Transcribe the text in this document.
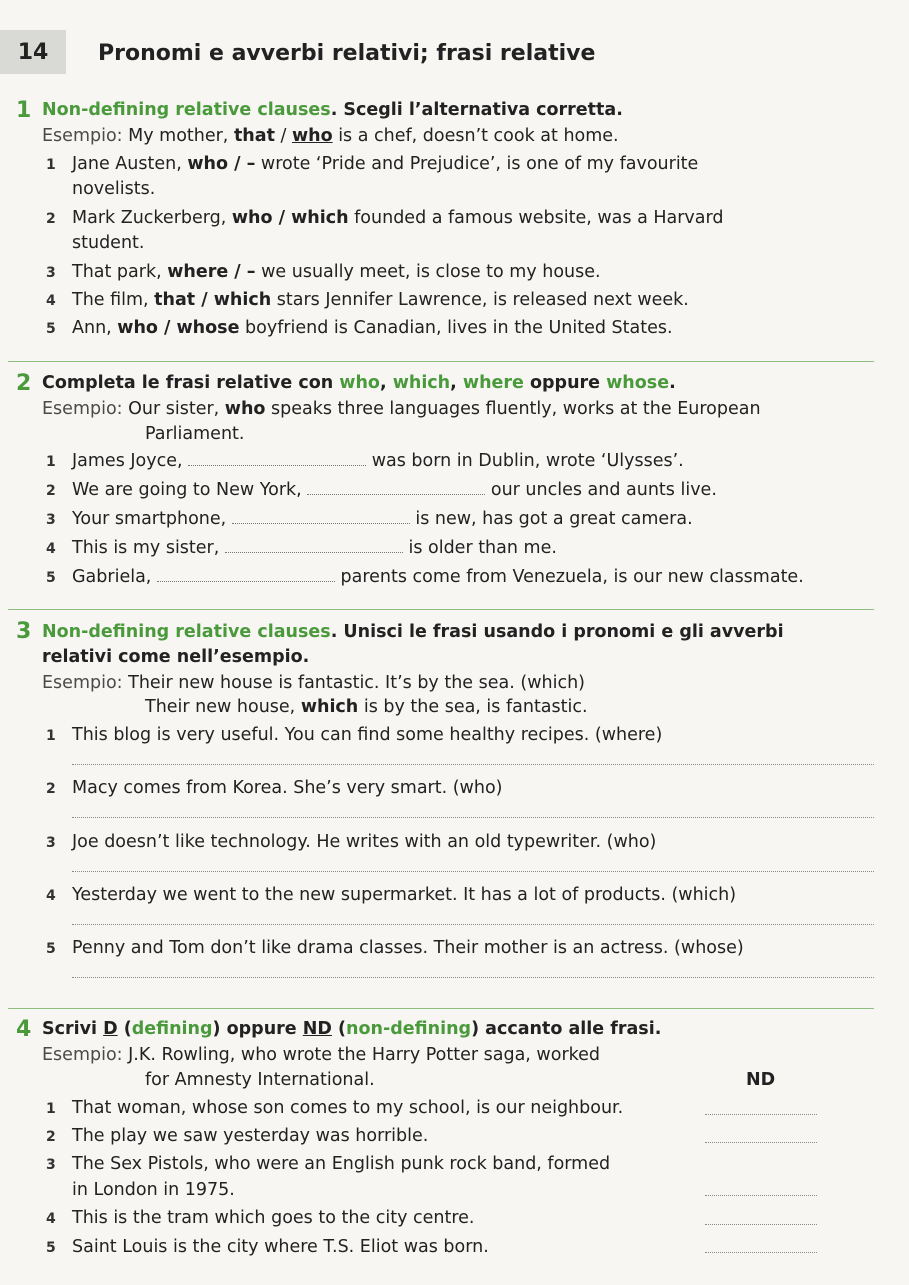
14	Pronomi e avverbi relativi; frasi relative
1 Non-defining relative clauses. Scegli l’alternativa corretta.
Esempio: My mother, that / who is a chef, doesn’t cook at home.
1 Jane Austen, who / – wrote ‘Pride and Prejudice’, is one of my favourite
novelists.
2 Mark Zuckerberg, who / which founded a famous website, was a Harvard
student.
3 That park, where / – we usually meet, is close to my house.
4 The film, that / which stars Jennifer Lawrence, is released next week.
5 Ann, who / whose boyfriend is Canadian, lives in the United States.
2 Completa le frasi relative con who, which, where oppure whose.
Esempio: Our sister, who speaks three languages fluently, works at the European
Parliament.
1 James Joyce,	was born in Dublin, wrote ‘Ulysses’.
2 We are going to New York,	our uncles and aunts live.
3 Your smartphone,	is new, has got a great camera.
4 This is my sister,	is older than me.
5 Gabriela,	parents come from Venezuela, is our new classmate.
3 Non-defining relative clauses. Unisci le frasi usando i pronomi e gli avverbi
relativi come nell’esempio.
Esempio: Their new house is fantastic. It’s by the sea. (which)
Their new house, which is by the sea, is fantastic.
1 This blog is very useful. You can find some healthy recipes. (where)
2 Macy comes from Korea. She’s very smart. (who)
3 Joe doesn’t like technology. He writes with an old typewriter. (who)
4 Yesterday we went to the new supermarket. It has a lot of products. (which)
5 Penny and Tom don’t like drama classes. Their mother is an actress. (whose)
4 Scrivi D (defining) oppure ND (non-defining) accanto alle frasi.
Esempio: J.K. Rowling, who wrote the Harry Potter saga, worked
for Amnesty International.	ND
1 That woman, whose son comes to my school, is our neighbour.
2 The play we saw yesterday was horrible.
3 The Sex Pistols, who were an English punk rock band, formed
in London in 1975.
4 This is the tram which goes to the city centre.
5 Saint Louis is the city where T.S. Eliot was born.
